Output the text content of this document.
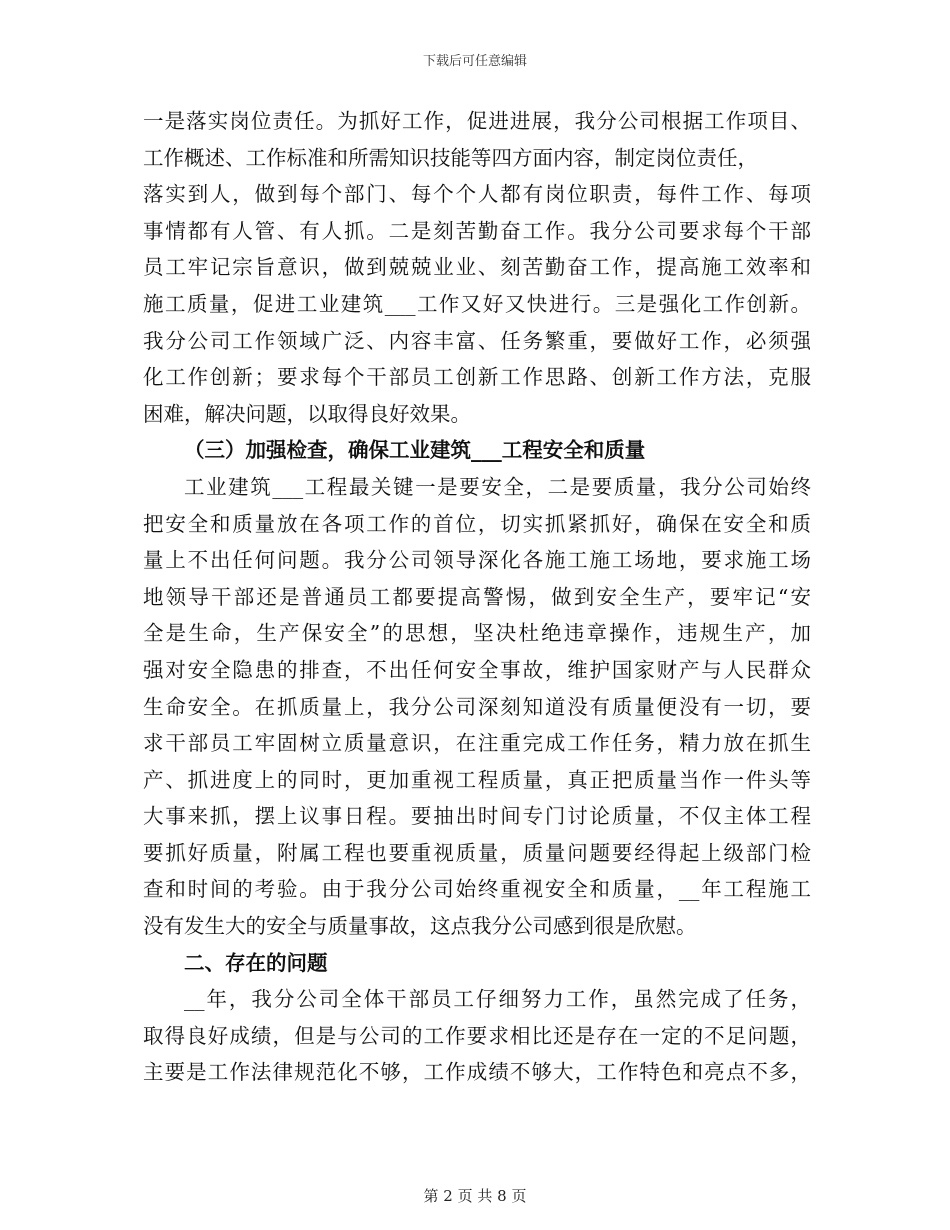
下载后可任意编辑
一是落实岗位责任。为抓好工作，促进进展，我分公司根据工作项目、
工作概述、工作标准和所需知识技能等四方面内容，制定岗位责任，
落实到人，做到每个部门、每个个人都有岗位职责，每件工作、每项
事情都有人管、有人抓。二是刻苦勤奋工作。我分公司要求每个干部
员工牢记宗旨意识，做到兢兢业业、刻苦勤奋工作，提高施工效率和
施工质量，促进工业建筑___工作又好又快进行。三是强化工作创新。
我分公司工作领域广泛、内容丰富、任务繁重，要做好工作，必须强
化工作创新；要求每个干部员工创新工作思路、创新工作方法，克服
困难，解决问题，以取得良好效果。
（三）加强检查，确保工业建筑___工程安全和质量
工业建筑___工程最关键一是要安全，二是要质量，我分公司始终
把安全和质量放在各项工作的首位，切实抓紧抓好，确保在安全和质
量上不出任何问题。我分公司领导深化各施工施工场地，要求施工场
地领导干部还是普通员工都要提高警惕，做到安全生产，要牢记“安
全是生命，生产保安全”的思想，坚决杜绝违章操作，违规生产，加
强对安全隐患的排查，不出任何安全事故，维护国家财产与人民群众
生命安全。在抓质量上，我分公司深刻知道没有质量便没有一切，要
求干部员工牢固树立质量意识，在注重完成工作任务，精力放在抓生
产、抓进度上的同时，更加重视工程质量，真正把质量当作一件头等
大事来抓，摆上议事日程。要抽出时间专门讨论质量，不仅主体工程
要抓好质量，附属工程也要重视质量，质量问题要经得起上级部门检
查和时间的考验。由于我分公司始终重视安全和质量，__年工程施工
没有发生大的安全与质量事故，这点我分公司感到很是欣慰。
二、存在的问题
__年，我分公司全体干部员工仔细努力工作，虽然完成了任务，
取得良好成绩，但是与公司的工作要求相比还是存在一定的不足问题，
主要是工作法律规范化不够，工作成绩不够大，工作特色和亮点不多，
第 2 页 共 8 页
